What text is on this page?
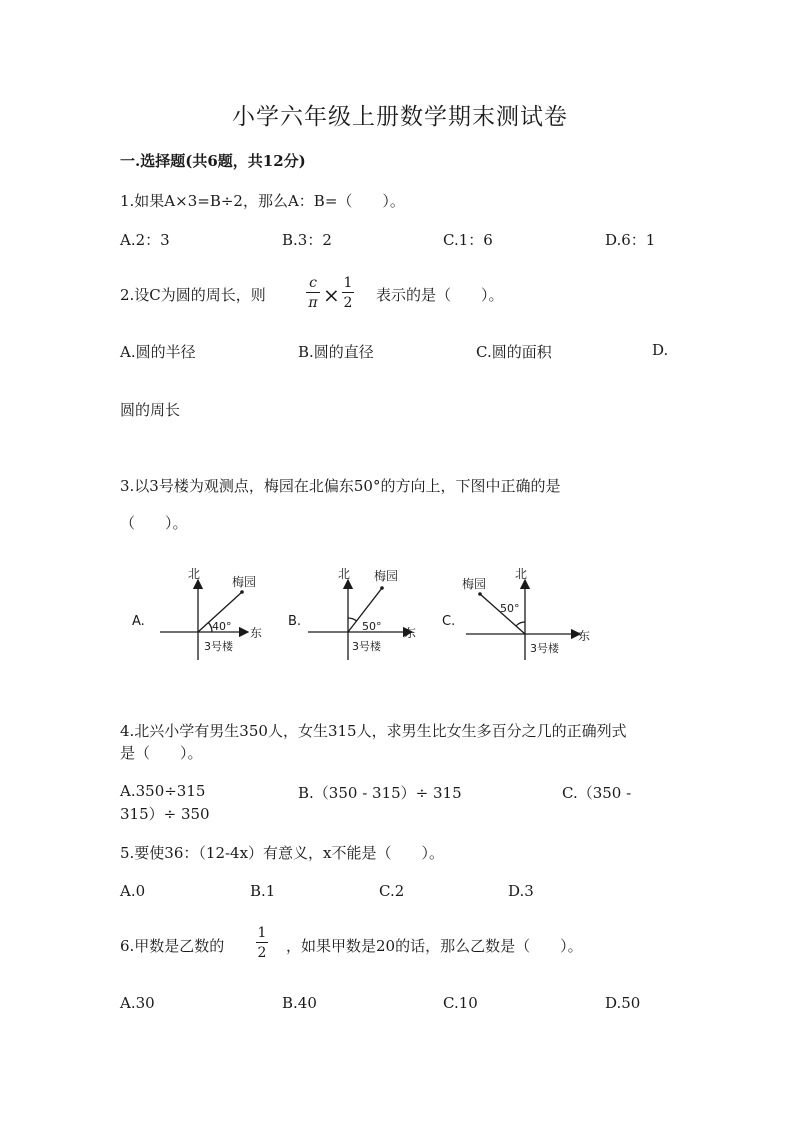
小学六年级上册数学期末测试卷
一.选择题(共6题，共12分)
1.如果A×3=B÷2，那么A：B=（　　）。
A.2：3	B.3：2	C.1：6	D.6：1
2.设C为圆的周长，则
c
π × 1
2 表示的是（　　）。
A.圆的半径	B.圆的直径	C.圆的面积	D.
圆的周长
3.以3号楼为观测点，梅园在北偏东50°的方向上，下图中正确的是
（　　）。
A.
北
梅园
40° 东
3号楼
B.
北 梅园
50° 东
3号楼
C.
北
梅园
50°
东
3号楼
4.北兴小学有男生350人，女生315人，求男生比女生多百分之几的正确列式
是（　　）。
A.350÷315	B.（350 - 315）÷ 315	C.（350 -
315）÷ 350
5.要使36：（12-4x）有意义，x不能是（　　）。
A.0	B.1	C.2	D.3
6.甲数是乙数的
1
2 ，如果甲数是20的话，那么乙数是（　　）。
A.30	B.40	C.10	D.50
